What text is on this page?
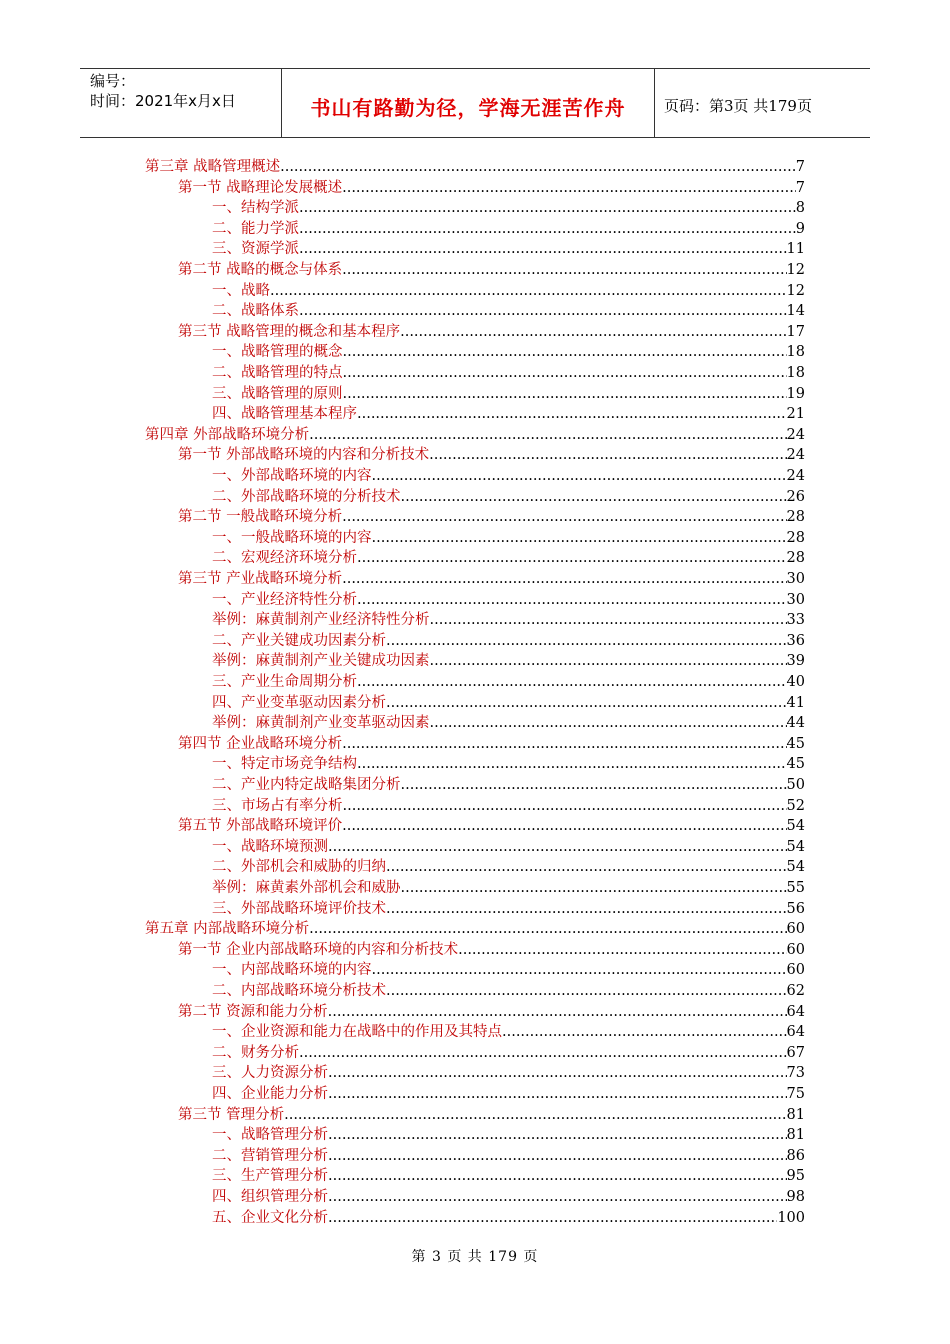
编号：
时间：2021年x月x日	书山有路勤为径，学海无涯苦作舟	页码：第3页 共179页
第三章 战略管理概述 .....	7
第一节 战略理论发展概述 .....	7
一、结构学派 .....	8
二、能力学派 .....	9
三、资源学派 .....	11
第二节 战略的概念与体系 .....	12
一、战略 .....	12
二、战略体系 .....	14
第三节 战略管理的概念和基本程序 .....	17
一、战略管理的概念 .....	18
二、战略管理的特点 .....	18
三、战略管理的原则 .....	19
四、战略管理基本程序 .....	21
第四章 外部战略环境分析 .....	24
第一节 外部战略环境的内容和分析技术 .....	24
一、外部战略环境的内容 .....	24
二、外部战略环境的分析技术 .....	26
第二节 一般战略环境分析 .....	28
一、一般战略环境的内容 .....	28
二、宏观经济环境分析 .....	28
第三节 产业战略环境分析 .....	30
一、产业经济特性分析 .....	30
举例：麻黄制剂产业经济特性分析 .....	33
二、产业关键成功因素分析 .....	36
举例：麻黄制剂产业关键成功因素 .....	39
三、产业生命周期分析 .....	40
四、产业变革驱动因素分析 .....	41
举例：麻黄制剂产业变革驱动因素 .....	44
第四节 企业战略环境分析 .....	45
一、特定市场竞争结构 .....	45
二、产业内特定战略集团分析 .....	50
三、市场占有率分析 .....	52
第五节 外部战略环境评价 .....	54
一、战略环境预测 .....	54
二、外部机会和威胁的归纳 .....	54
举例：麻黄素外部机会和威胁 .....	55
三、外部战略环境评价技术 .....	56
第五章 内部战略环境分析 .....	60
第一节 企业内部战略环境的内容和分析技术 .....	60
一、内部战略环境的内容 .....	60
二、内部战略环境分析技术 .....	62
第二节 资源和能力分析 .....	64
一、企业资源和能力在战略中的作用及其特点 .....	64
二、财务分析 .....	67
三、人力资源分析 .....	73
四、企业能力分析 .....	75
第三节 管理分析 .....	81
一、战略管理分析 .....	81
二、营销管理分析 .....	86
三、生产管理分析 .....	95
四、组织管理分析 .....	98
五、企业文化分析 .....	100
第 3 页 共 179 页
